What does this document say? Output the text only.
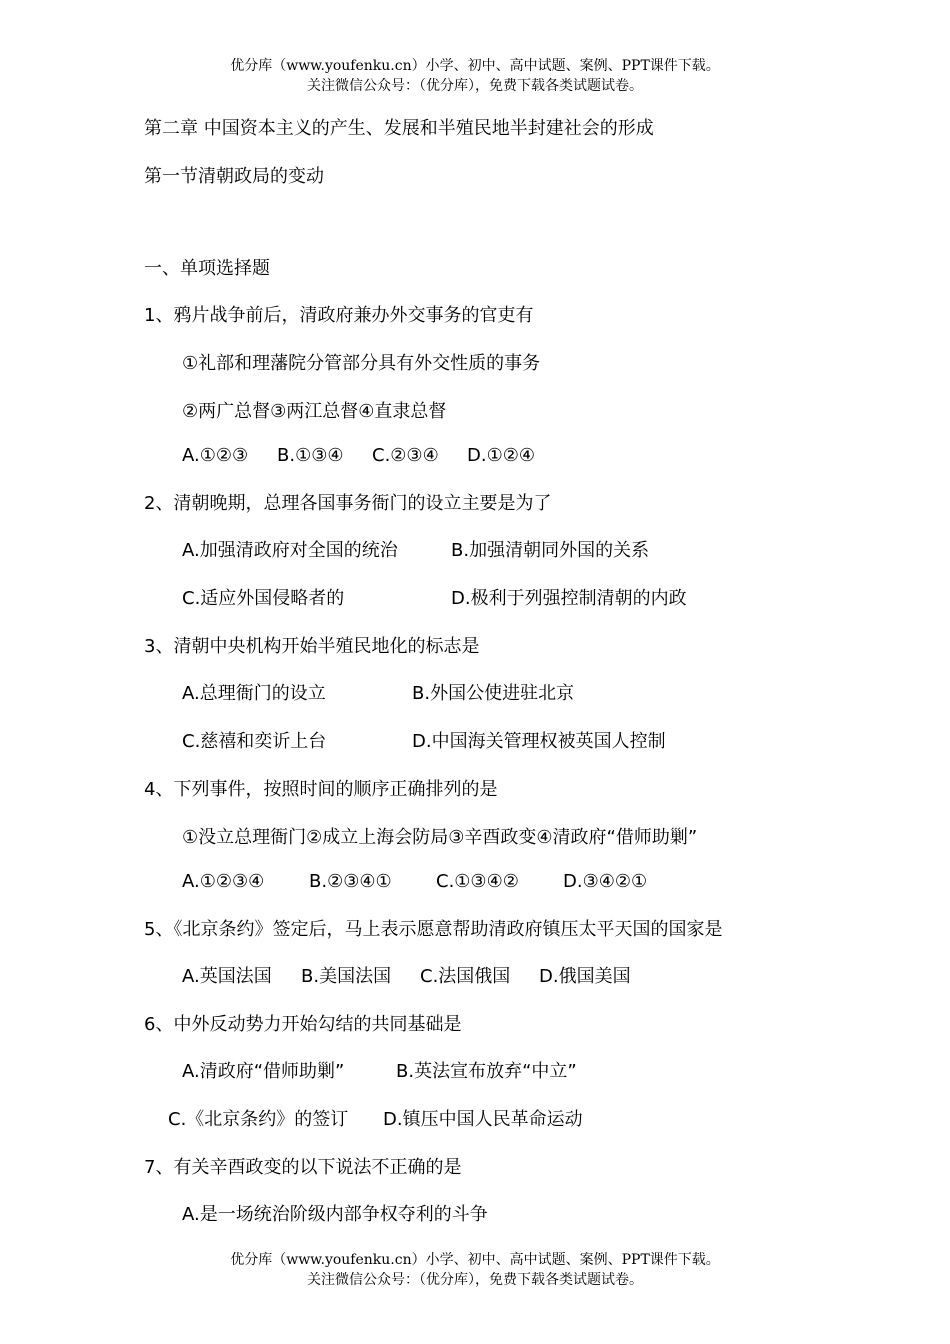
优分库（www.youfenku.cn）小学、初中、高中试题、案例、PPT课件下载。
关注微信公众号：（优分库），免费下载各类试题试卷。
第二章 中国资本主义的产生、发展和半殖民地半封建社会的形成
第一节清朝政局的变动
一、单项选择题
1、鸦片战争前后，清政府兼办外交事务的官吏有
①礼部和理藩院分管部分具有外交性质的事务
②两广总督③两江总督④直隶总督
A.①②③ B.①③④ C.②③④ D.①②④
2、清朝晚期，总理各国事务衙门的设立主要是为了
A.加强清政府对全国的统治	B.加强清朝同外国的关系
C.适应外国侵略者的	D.极利于列强控制清朝的内政
3、清朝中央机构开始半殖民地化的标志是
A.总理衙门的设立	B.外国公使进驻北京
C.慈禧和奕䜣上台	D.中国海关管理权被英国人控制
4、下列事件，按照时间的顺序正确排列的是
①没立总理衙门②成立上海会防局③辛酉政变④清政府“借师助剿”
A.①②③④ B.②③④① C.①③④② D.③④②①
5、《北京条约》签定后，马上表示愿意帮助清政府镇压太平天国的国家是
A.英国法国 B.美国法国 C.法国俄国 D.俄国美国
6、中外反动势力开始勾结的共同基础是
A.清政府“借师助剿”	B.英法宣布放弃“中立”
C.《北京条约》的签订 D.镇压中国人民革命运动
7、有关辛酉政变的以下说法不正确的是
A.是一场统治阶级内部争权夺利的斗争
优分库（www.youfenku.cn）小学、初中、高中试题、案例、PPT课件下载。
关注微信公众号：（优分库），免费下载各类试题试卷。
